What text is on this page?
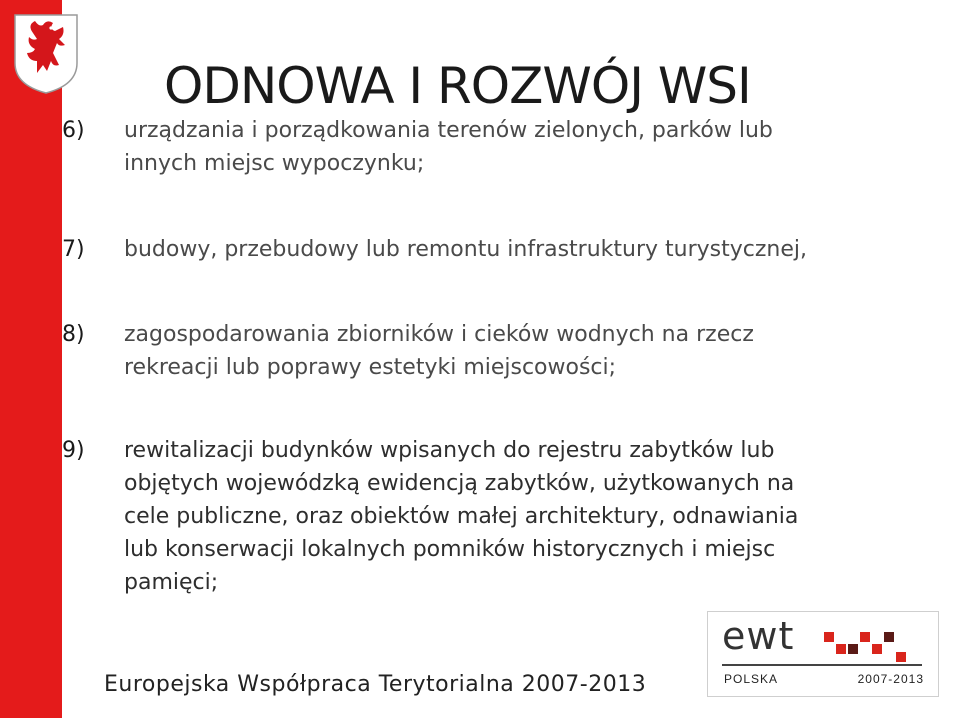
ODNOWA I ROZWÓJ WSI
6)	urządzania i porządkowania terenów zielonych, parków lub
innych miejsc wypoczynku;
7)	budowy, przebudowy lub remontu infrastruktury turystycznej,
8)	zagospodarowania zbiorników i cieków wodnych na rzecz
rekreacji lub poprawy estetyki miejscowości;
9)	rewitalizacji budynków wpisanych do rejestru zabytków lub
objętych wojewódzką ewidencją zabytków, użytkowanych na
cele publiczne, oraz obiektów małej architektury, odnawiania
lub konserwacji lokalnych pomników historycznych i miejsc
pamięci;
Europejska Współpraca Terytorialna 2007-2013
ewt
POLSKA	2007-2013
